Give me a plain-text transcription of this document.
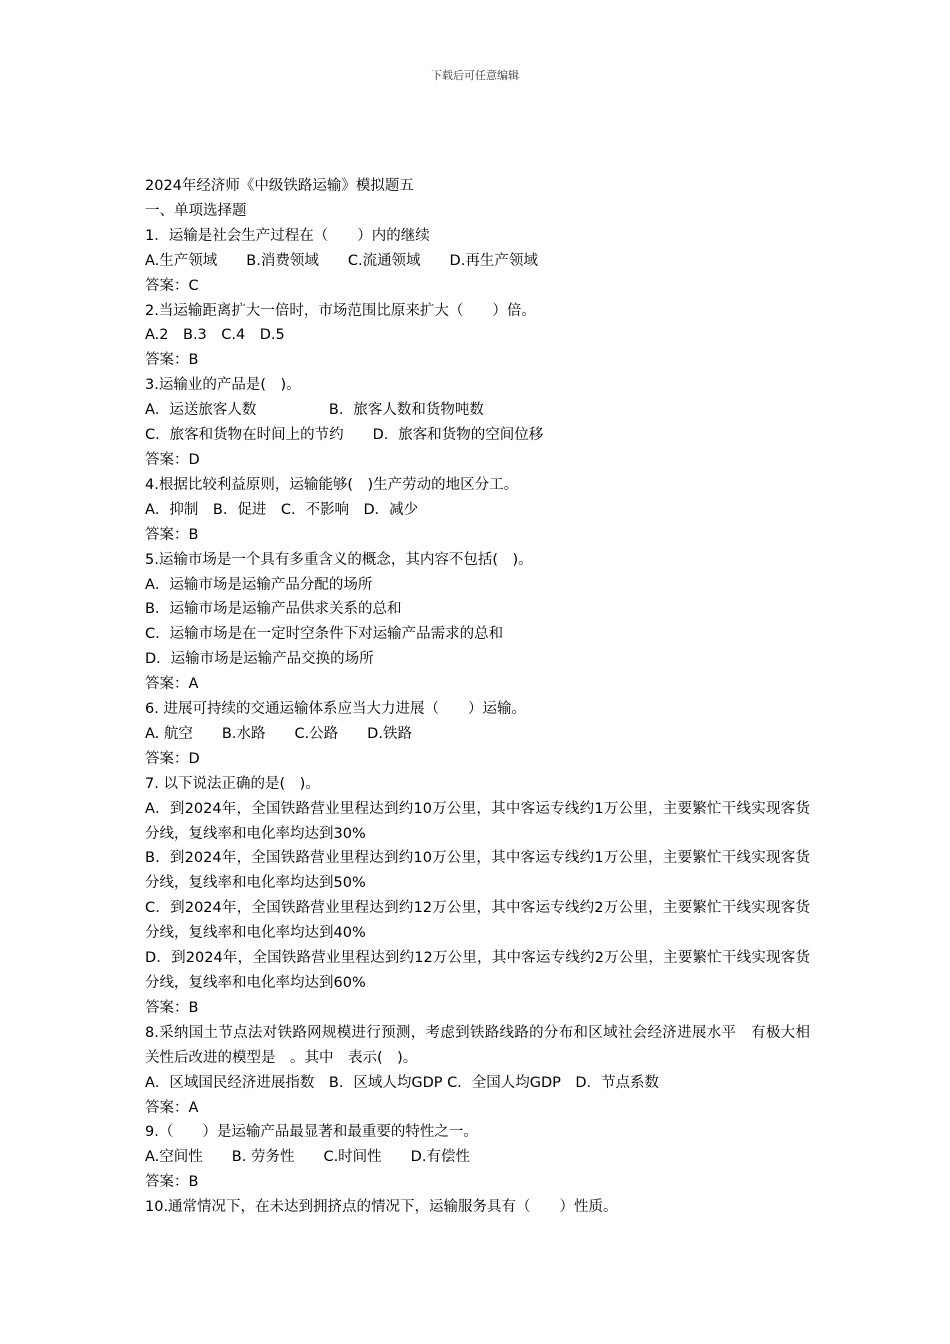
下载后可任意编辑
2024年经济师《中级铁路运输》模拟题五
一、单项选择题
1．运输是社会生产过程在（　　）内的继续
A.生产领域　　B.消费领域　　C.流通领域　　D.再生产领域
答案：C
2.当运输距离扩大一倍时，市场范围比原来扩大（　　）倍。
A.2　B.3　C.4　D.5
答案：B
3.运输业的产品是(　)。
A．运送旅客人数　　　　　B．旅客人数和货物吨数
C．旅客和货物在时间上的节约　　D．旅客和货物的空间位移
答案：D
4.根据比较利益原则，运输能够(　)生产劳动的地区分工。
A．抑制　B．促进　C．不影响　D．减少
答案：B
5.运输市场是一个具有多重含义的概念，其内容不包括(　)。
A．运输市场是运输产品分配的场所
B．运输市场是运输产品供求关系的总和
C．运输市场是在一定时空条件下对运输产品需求的总和
D．运输市场是运输产品交换的场所
答案：A
6. 进展可持续的交通运输体系应当大力进展（　　）运输。
A. 航空　　B.水路　　C.公路　　D.铁路
答案：D
7. 以下说法正确的是(　)。
A．到2024年，全国铁路营业里程达到约10万公里，其中客运专线约1万公里，主要繁忙干线实现客货分线，复线率和电化率均达到30%
B．到2024年，全国铁路营业里程达到约10万公里，其中客运专线约1万公里，主要繁忙干线实现客货分线，复线率和电化率均达到50%
C．到2024年，全国铁路营业里程达到约12万公里，其中客运专线约2万公里，主要繁忙干线实现客货分线，复线率和电化率均达到40%
D．到2024年，全国铁路营业里程达到约12万公里，其中客运专线约2万公里，主要繁忙干线实现客货分线，复线率和电化率均达到60%
答案：B
8.采纳国土节点法对铁路网规模进行预测，考虑到铁路线路的分布和区域社会经济进展水平　有极大相关性后改进的模型是　。其中　表示(　)。
A．区域国民经济进展指数　B．区域人均GDP C．全国人均GDP　D．节点系数
答案：A
9.（　　）是运输产品最显著和最重要的特性之一。
A.空间性　　B. 劳务性　　C.时间性　　D.有偿性
答案：B
10.通常情况下，在未达到拥挤点的情况下，运输服务具有（　　）性质。
